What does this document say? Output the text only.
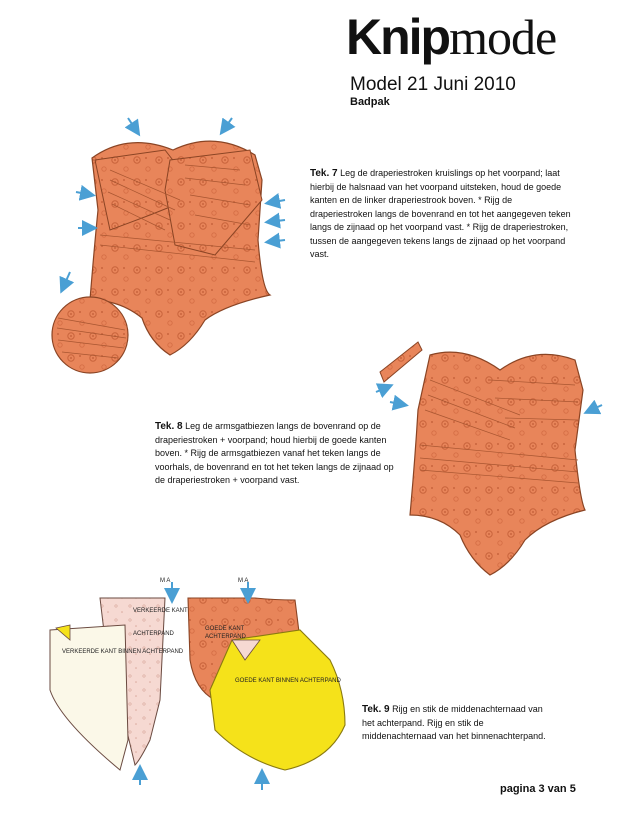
Knipmode
Model 21 Juni 2010
Badpak
M A	M A
VERKEERDE KANT
ACHTERPAND
GOEDE KANT
ACHTERPAND
VERKEERDE KANT BINNEN ACHTERPAND
GOEDE KANT BINNEN ACHTERPAND
Tek. 7 Leg de draperiestroken kruislings op het voorpand; laat hierbij de halsnaad van het voorpand uitsteken, houd de goede kanten en de linker draperiestrook boven. * Rijg de draperiestroken langs de bovenrand en tot het aangegeven teken langs de zijnaad op het voorpand vast. * Rijg de draperiestroken, tussen de aangegeven tekens langs de zijnaad op het voorpand vast.
Tek. 8 Leg de armsgatbiezen langs de bovenrand op de draperiestroken + voorpand; houd hierbij de goede kanten boven. * Rijg de armsgatbiezen vanaf het teken langs de voorhals, de bovenrand en tot het teken langs de zijnaad op de draperiestroken + voorpand vast.
Tek. 9 Rijg en stik de middenachternaad van het achterpand. Rijg en stik de middenachternaad van het binnenachterpand.
pagina 3 van 5
